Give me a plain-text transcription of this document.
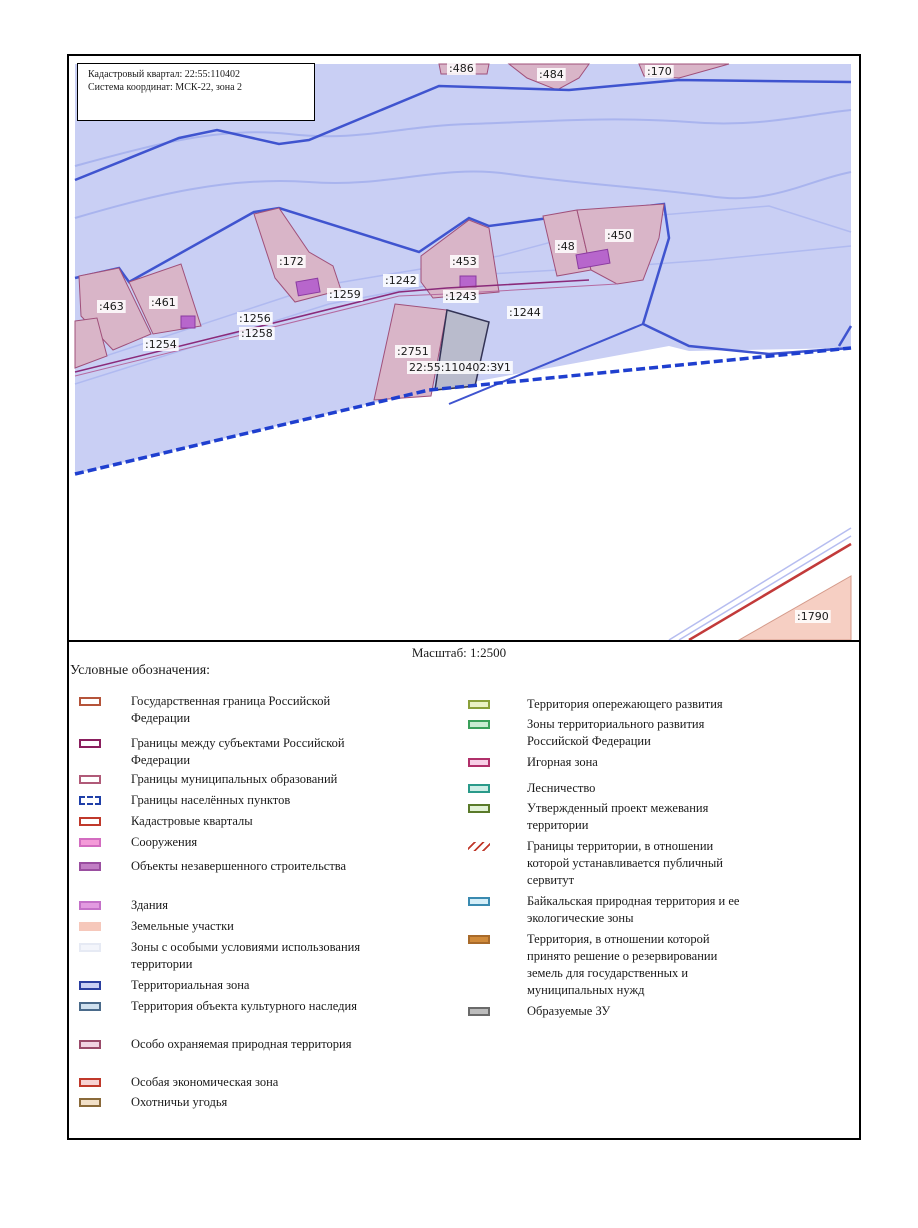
:486	:484	:170
:172	:453
:48
:450
:463 :461
:1242
:1243
:1259
:1256
:1258
:1254
:1244
:2751
22:55:110402:ЗУ1
:1790
Кадастровый квартал: 22:55:110402
Система координат: МСК-22, зона 2
Масштаб: 1:2500
Условные обозначения:
Государственная граница Российской Федерации
Границы между субъектами Российской Федерации
Границы муниципальных образований
Границы населённых пунктов
Кадастровые кварталы
Сооружения
Объекты незавершенного строительства
Здания
Земельные участки
Зоны с особыми условиями использования территории
Территориальная зона
Территория объекта культурного наследия
Особо охраняемая природная территория
Особая экономическая зона
Охотничьи угодья
Территория опережающего развития
Зоны территориального развития Российской Федерации
Игорная зона
Лесничество
Утвержденный проект межевания территории
Границы территории, в отношении которой устанавливается публичный сервитут
Байкальская природная территория и ее экологические зоны
Территория, в отношении которой принято решение о резервировании земель для государственных и муниципальных нужд
Образуемые ЗУ
